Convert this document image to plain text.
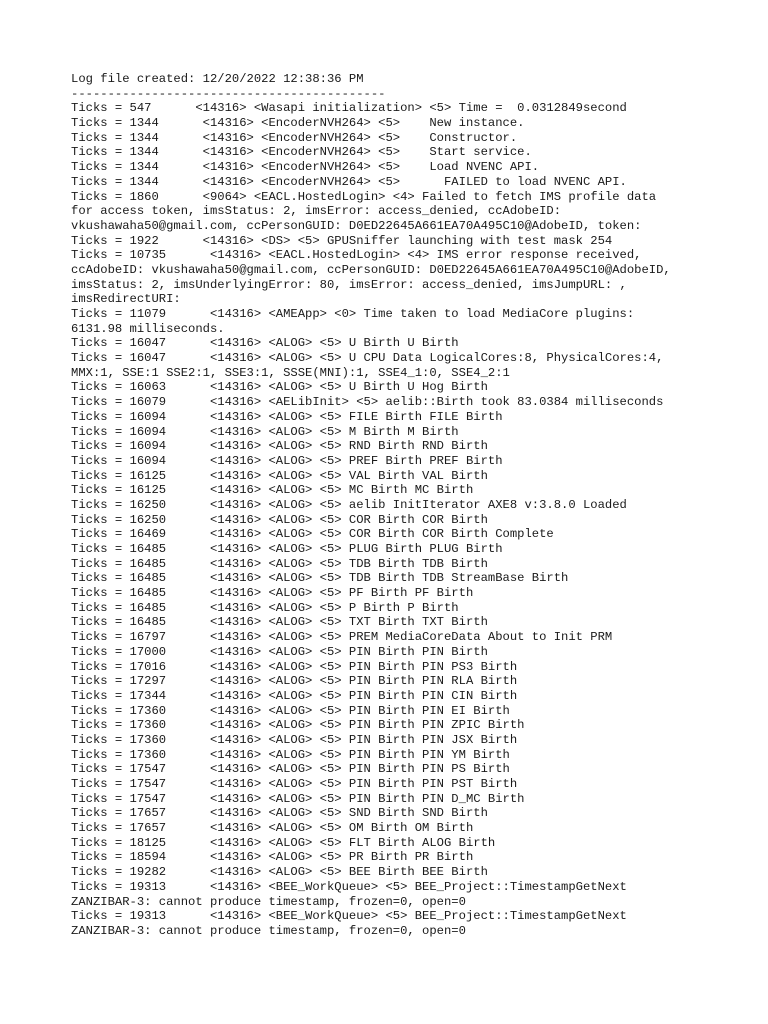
Log file created: 12/20/2022 12:38:36 PM
-------------------------------------------
Ticks = 547      <14316> <Wasapi initialization> <5> Time =  0.0312849second
Ticks = 1344      <14316> <EncoderNVH264> <5>    New instance.
Ticks = 1344      <14316> <EncoderNVH264> <5>    Constructor.
Ticks = 1344      <14316> <EncoderNVH264> <5>    Start service.
Ticks = 1344      <14316> <EncoderNVH264> <5>    Load NVENC API.
Ticks = 1344      <14316> <EncoderNVH264> <5>      FAILED to load NVENC API.
Ticks = 1860      <9064> <EACL.HostedLogin> <4> Failed to fetch IMS profile data
for access token, imsStatus: 2, imsError: access_denied, ccAdobeID:
vkushawaha50@gmail.com, ccPersonGUID: D0ED22645A661EA70A495C10@AdobeID, token:
Ticks = 1922      <14316> <DS> <5> GPUSniffer launching with test mask 254
Ticks = 10735      <14316> <EACL.HostedLogin> <4> IMS error response received,
ccAdobeID: vkushawaha50@gmail.com, ccPersonGUID: D0ED22645A661EA70A495C10@AdobeID,
imsStatus: 2, imsUnderlyingError: 80, imsError: access_denied, imsJumpURL: ,
imsRedirectURI:
Ticks = 11079      <14316> <AMEApp> <0> Time taken to load MediaCore plugins:
6131.98 milliseconds.
Ticks = 16047      <14316> <ALOG> <5> U Birth U Birth
Ticks = 16047      <14316> <ALOG> <5> U CPU Data LogicalCores:8, PhysicalCores:4,
MMX:1, SSE:1 SSE2:1, SSE3:1, SSSE(MNI):1, SSE4_1:0, SSE4_2:1
Ticks = 16063      <14316> <ALOG> <5> U Birth U Hog Birth
Ticks = 16079      <14316> <AELibInit> <5> aelib::Birth took 83.0384 milliseconds
Ticks = 16094      <14316> <ALOG> <5> FILE Birth FILE Birth
Ticks = 16094      <14316> <ALOG> <5> M Birth M Birth
Ticks = 16094      <14316> <ALOG> <5> RND Birth RND Birth
Ticks = 16094      <14316> <ALOG> <5> PREF Birth PREF Birth
Ticks = 16125      <14316> <ALOG> <5> VAL Birth VAL Birth
Ticks = 16125      <14316> <ALOG> <5> MC Birth MC Birth
Ticks = 16250      <14316> <ALOG> <5> aelib InitIterator AXE8 v:3.8.0 Loaded
Ticks = 16250      <14316> <ALOG> <5> COR Birth COR Birth
Ticks = 16469      <14316> <ALOG> <5> COR Birth COR Birth Complete
Ticks = 16485      <14316> <ALOG> <5> PLUG Birth PLUG Birth
Ticks = 16485      <14316> <ALOG> <5> TDB Birth TDB Birth
Ticks = 16485      <14316> <ALOG> <5> TDB Birth TDB StreamBase Birth
Ticks = 16485      <14316> <ALOG> <5> PF Birth PF Birth
Ticks = 16485      <14316> <ALOG> <5> P Birth P Birth
Ticks = 16485      <14316> <ALOG> <5> TXT Birth TXT Birth
Ticks = 16797      <14316> <ALOG> <5> PREM MediaCoreData About to Init PRM
Ticks = 17000      <14316> <ALOG> <5> PIN Birth PIN Birth
Ticks = 17016      <14316> <ALOG> <5> PIN Birth PIN PS3 Birth
Ticks = 17297      <14316> <ALOG> <5> PIN Birth PIN RLA Birth
Ticks = 17344      <14316> <ALOG> <5> PIN Birth PIN CIN Birth
Ticks = 17360      <14316> <ALOG> <5> PIN Birth PIN EI Birth
Ticks = 17360      <14316> <ALOG> <5> PIN Birth PIN ZPIC Birth
Ticks = 17360      <14316> <ALOG> <5> PIN Birth PIN JSX Birth
Ticks = 17360      <14316> <ALOG> <5> PIN Birth PIN YM Birth
Ticks = 17547      <14316> <ALOG> <5> PIN Birth PIN PS Birth
Ticks = 17547      <14316> <ALOG> <5> PIN Birth PIN PST Birth
Ticks = 17547      <14316> <ALOG> <5> PIN Birth PIN D_MC Birth
Ticks = 17657      <14316> <ALOG> <5> SND Birth SND Birth
Ticks = 17657      <14316> <ALOG> <5> OM Birth OM Birth
Ticks = 18125      <14316> <ALOG> <5> FLT Birth ALOG Birth
Ticks = 18594      <14316> <ALOG> <5> PR Birth PR Birth
Ticks = 19282      <14316> <ALOG> <5> BEE Birth BEE Birth
Ticks = 19313      <14316> <BEE_WorkQueue> <5> BEE_Project::TimestampGetNext
ZANZIBAR-3: cannot produce timestamp, frozen=0, open=0
Ticks = 19313      <14316> <BEE_WorkQueue> <5> BEE_Project::TimestampGetNext
ZANZIBAR-3: cannot produce timestamp, frozen=0, open=0
